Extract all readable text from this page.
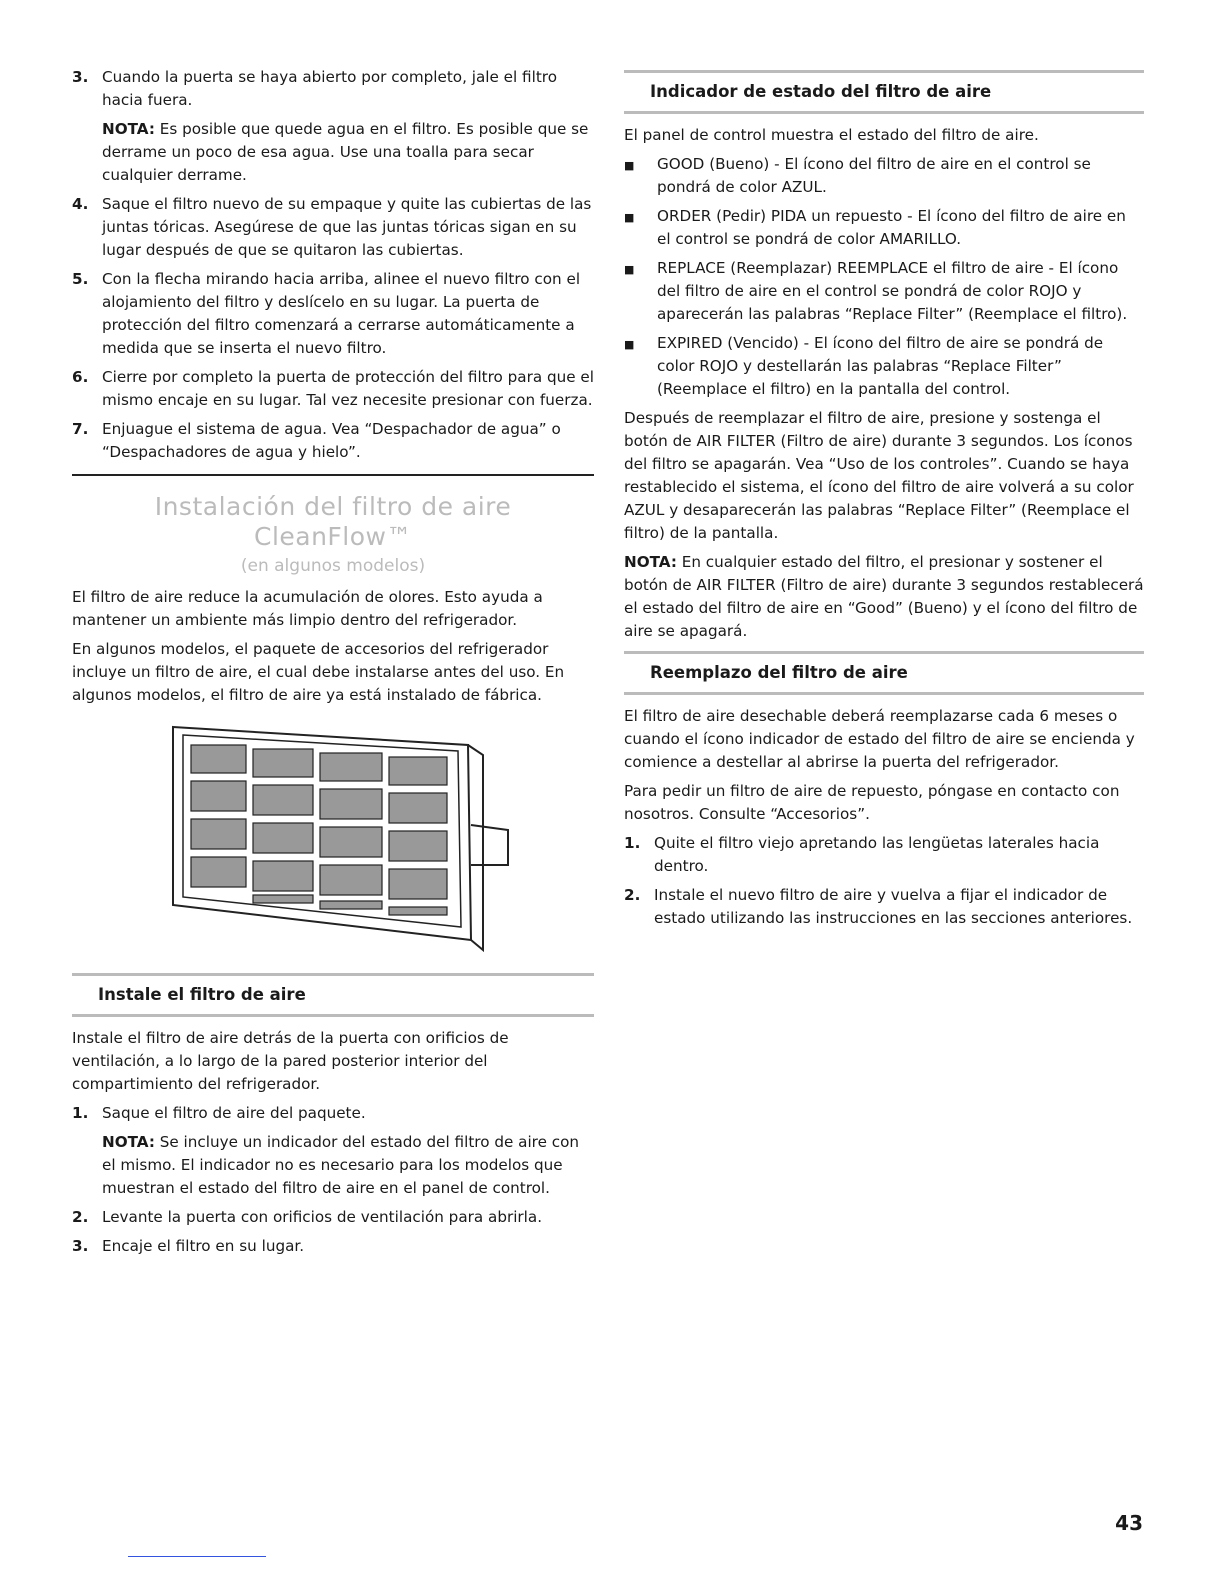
3. Cuando la puerta se haya abierto por completo, jale el filtro hacia fuera.

NOTA: Es posible que quede agua en el filtro. Es posible que se derrame un poco de esa agua. Use una toalla para secar cualquier derrame.

4. Saque el filtro nuevo de su empaque y quite las cubiertas de las juntas tóricas. Asegúrese de que las juntas tóricas sigan en su lugar después de que se quitaron las cubiertas.
5. Con la flecha mirando hacia arriba, alinee el nuevo filtro con el alojamiento del filtro y deslícelo en su lugar. La puerta de protección del filtro comenzará a cerrarse automáticamente a medida que se inserta el nuevo filtro.
6. Cierre por completo la puerta de protección del filtro para que el mismo encaje en su lugar. Tal vez necesite presionar con fuerza.
7. Enjuague el sistema de agua. Vea “Despachador de agua” o “Despachadores de agua y hielo”.
Instalación del filtro de aire CleanFlow™
(en algunos modelos)

El filtro de aire reduce la acumulación de olores. Esto ayuda a mantener un ambiente más limpio dentro del refrigerador.

En algunos modelos, el paquete de accesorios del refrigerador incluye un filtro de aire, el cual debe instalarse antes del uso. En algunos modelos, el filtro de aire ya está instalado de fábrica.

Instale el filtro de aire

Instale el filtro de aire detrás de la puerta con orificios de ventilación, a lo largo de la pared posterior interior del compartimiento del refrigerador.

1. Saque el filtro de aire del paquete.

NOTA: Se incluye un indicador del estado del filtro de aire con el mismo. El indicador no es necesario para los modelos que muestran el estado del filtro de aire en el panel de control.

2. Levante la puerta con orificios de ventilación para abrirla.
3. Encaje el filtro en su lugar.
Indicador de estado del filtro de aire

El panel de control muestra el estado del filtro de aire.

■	GOOD (Bueno) - El ícono del filtro de aire en el control se pondrá de color AZUL.
■	ORDER (Pedir) PIDA un repuesto - El ícono del filtro de aire en el control se pondrá de color AMARILLO.
■	REPLACE (Reemplazar) REEMPLACE el filtro de aire - El ícono del filtro de aire en el control se pondrá de color ROJO y aparecerán las palabras “Replace Filter” (Reemplace el filtro).
■	EXPIRED (Vencido) - El ícono del filtro de aire se pondrá de color ROJO y destellarán las palabras “Replace Filter” (Reemplace el filtro) en la pantalla del control.

Después de reemplazar el filtro de aire, presione y sostenga el botón de AIR FILTER (Filtro de aire) durante 3 segundos. Los íconos del filtro se apagarán. Vea “Uso de los controles”. Cuando se haya restablecido el sistema, el ícono del filtro de aire volverá a su color AZUL y desaparecerán las palabras “Replace Filter” (Reemplace el filtro) de la pantalla.

NOTA: En cualquier estado del filtro, el presionar y sostener el botón de AIR FILTER (Filtro de aire) durante 3 segundos restablecerá el estado del filtro de aire en “Good” (Bueno) y el ícono del filtro de aire se apagará.

Reemplazo del filtro de aire

El filtro de aire desechable deberá reemplazarse cada 6 meses o cuando el ícono indicador de estado del filtro de aire se encienda y comience a destellar al abrirse la puerta del refrigerador.

Para pedir un filtro de aire de repuesto, póngase en contacto con nosotros. Consulte “Accesorios”.

1. Quite el filtro viejo apretando las lengüetas laterales hacia dentro.
2. Instale el nuevo filtro de aire y vuelva a fijar el indicador de estado utilizando las instrucciones en las secciones anteriores.
43
